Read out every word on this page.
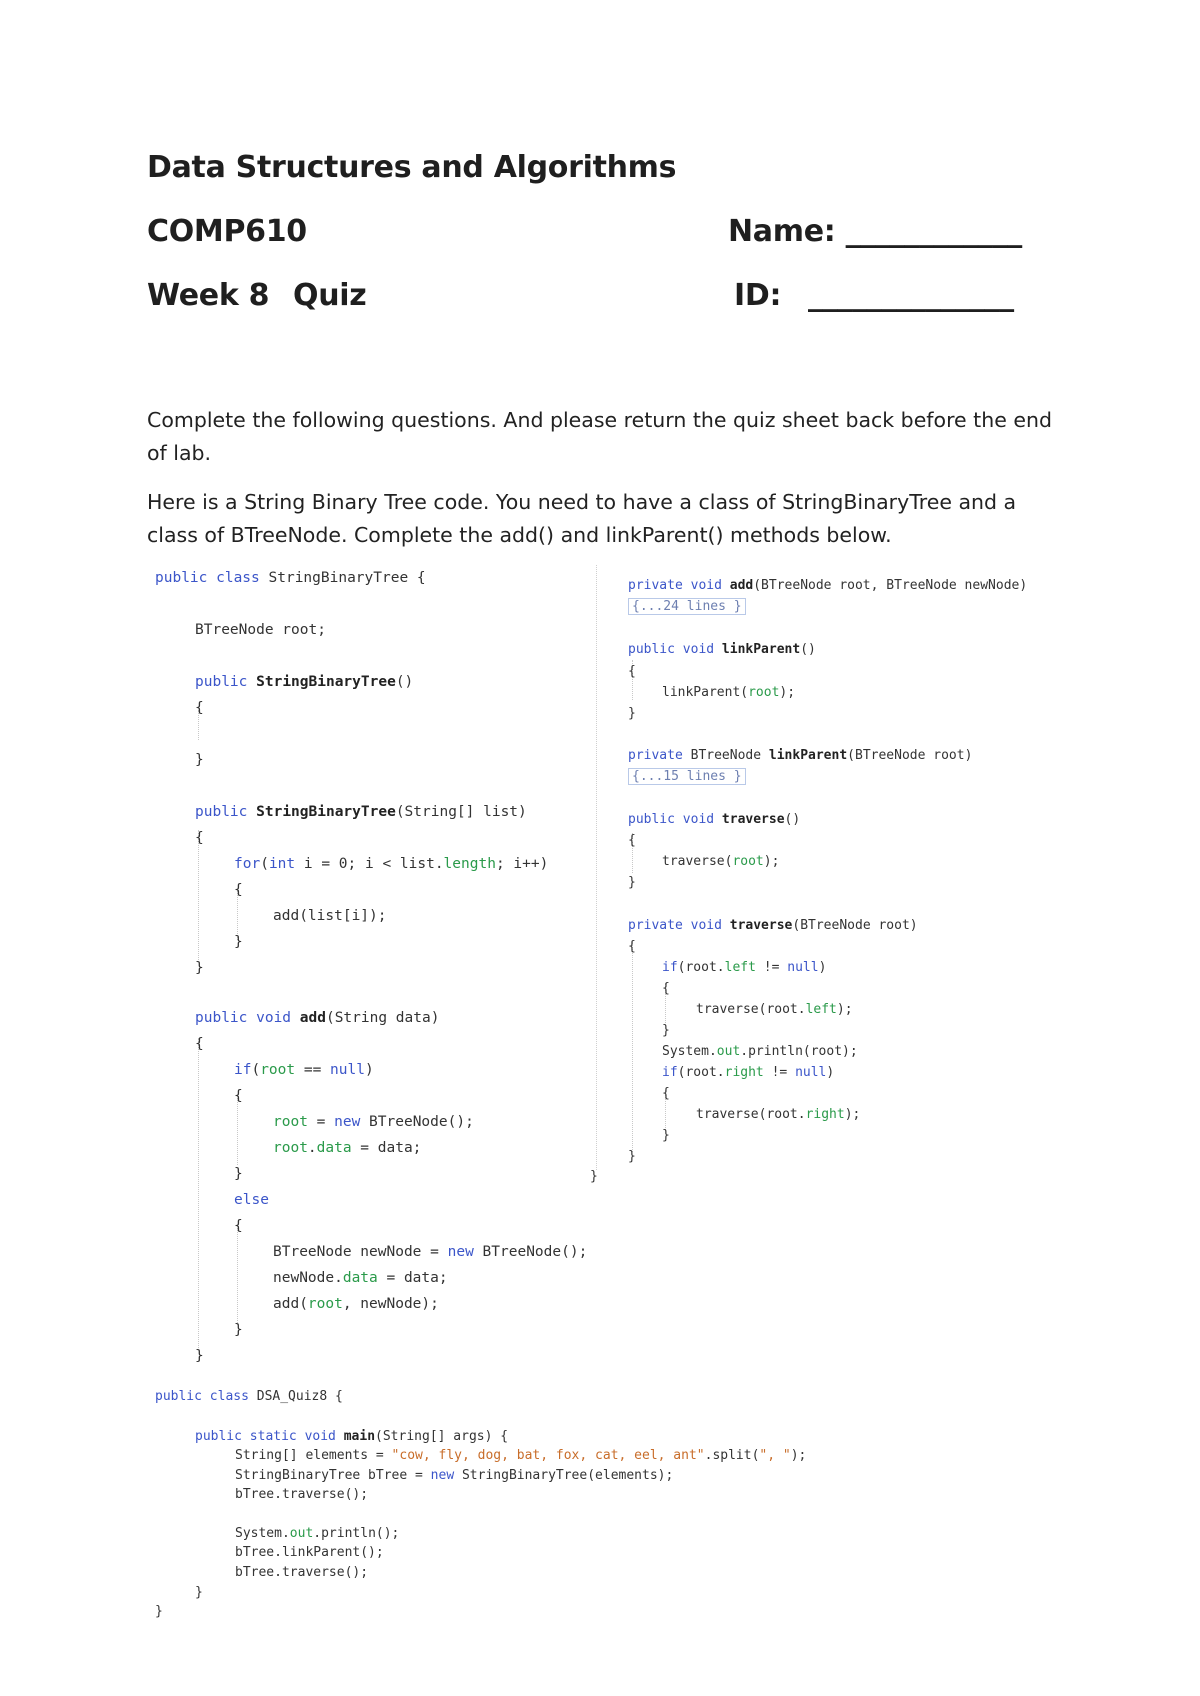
Data Structures and Algorithms
COMP610	Name: ____________
Week 8 Quiz	ID: ______________

Complete the following questions. And please return the quiz sheet back before the end of lab.

Here is a String Binary Tree code. You need to have a class of StringBinaryTree and a class of BTreeNode. Complete the add() and linkParent() methods below.

public class StringBinaryTree {
BTreeNode root;
public StringBinaryTree()
{
}
public StringBinaryTree(String[] list)
{
for(int i = 0; i < list.length; i++)
{
add(list[i]);
}
}
public void add(String data)
{
if(root == null)
{
root = new BTreeNode();
root.data = data;
}
else
{
BTreeNode newNode = new BTreeNode();
newNode.data = data;
add(root, newNode);
}
}
private void add(BTreeNode root, BTreeNode newNode)
{...24 lines }
public void linkParent()
{
linkParent(root);
}
private BTreeNode linkParent(BTreeNode root)
{...15 lines }
public void traverse()
{
traverse(root);
}
private void traverse(BTreeNode root)
{
if(root.left != null)
{
traverse(root.left);
}
System.out.println(root);
if(root.right != null)
{
traverse(root.right);
}
}
}
public class DSA_Quiz8 {
public static void main(String[] args) {
String[] elements = "cow, fly, dog, bat, fox, cat, eel, ant".split(", ");
StringBinaryTree bTree = new StringBinaryTree(elements);
bTree.traverse();
System.out.println();
bTree.linkParent();
bTree.traverse();
}
}
